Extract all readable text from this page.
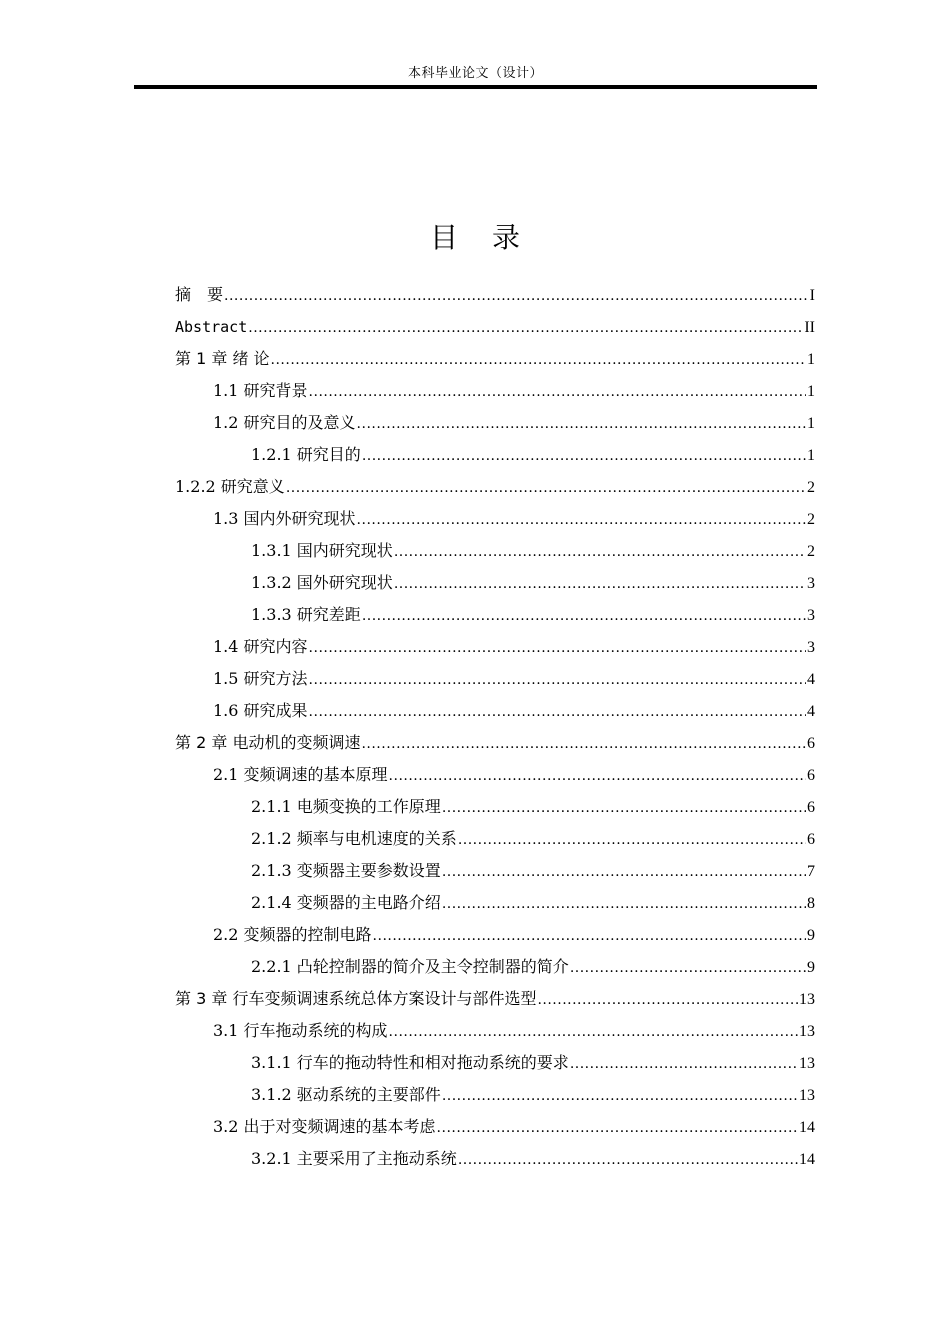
本科毕业论文（设计）
目录
摘　要 .....	I
Abstract .....	II
第 1 章 绪 论 .....	1
1.1 研究背景 .....	1
1.2 研究目的及意义 .....	1
1.2.1 研究目的 .....	1
1.2.2 研究意义 .....	2
1.3 国内外研究现状 .....	2
1.3.1 国内研究现状 .....	2
1.3.2 国外研究现状 .....	3
1.3.3 研究差距 .....	3
1.4 研究内容 .....	3
1.5 研究方法 .....	4
1.6 研究成果 .....	4
第 2 章 电动机的变频调速 .....	6
2.1 变频调速的基本原理 .....	6
2.1.1 电频变换的工作原理 .....	6
2.1.2 频率与电机速度的关系 .....	6
2.1.3 变频器主要参数设置 .....	7
2.1.4 变频器的主电路介绍 .....	8
2.2 变频器的控制电路 .....	9
2.2.1 凸轮控制器的简介及主令控制器的简介 .....	9
第 3 章 行车变频调速系统总体方案设计与部件选型 .....	13
3.1 行车拖动系统的构成 .....	13
3.1.1 行车的拖动特性和相对拖动系统的要求 .....	13
3.1.2 驱动系统的主要部件 .....	13
3.2 出于对变频调速的基本考虑 .....	14
3.2.1 主要采用了主拖动系统 .....	14
